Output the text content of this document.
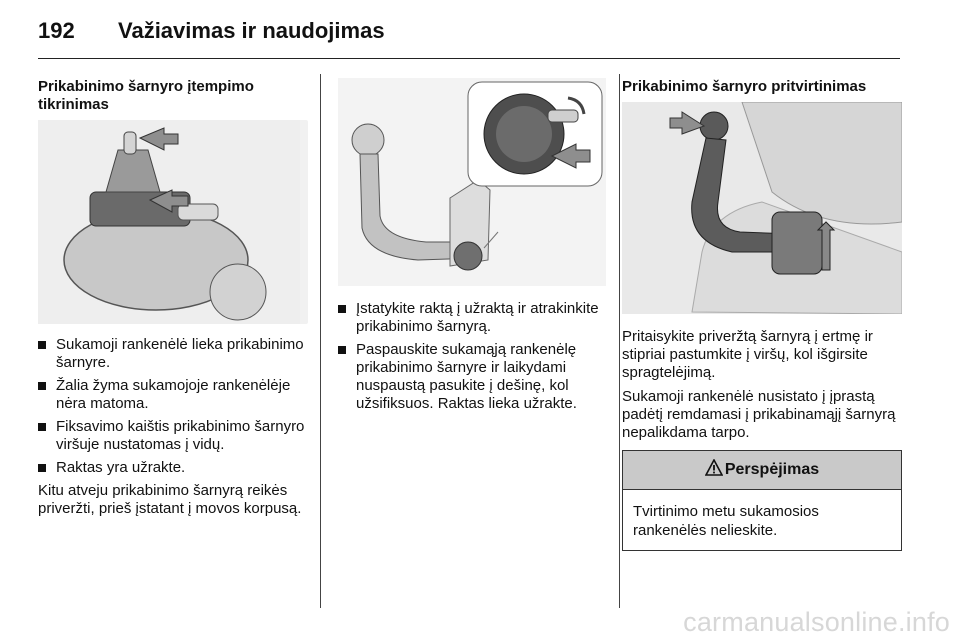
192 Važiavimas ir naudojimas
Prikabinimo šarnyro įtempimo tikrinimas
Sukamoji rankenėlė lieka prikabinimo šarnyre.
Žalia žyma sukamojoje rankenėlėje nėra matoma.
Fiksavimo kaištis prikabinimo šarnyro viršuje nustatomas į vidų.
Raktas yra užrakte.

Kitu atveju prikabinimo šarnyrą reikės priveržti, prieš įstatant į movos korpusą.

Įstatykite raktą į užraktą ir atrakinkite prikabinimo šarnyrą.
Paspauskite sukamąją rankenėlę prikabinimo šarnyre ir laikydami nuspaustą pasukite į dešinę, kol užsifiksuos. Raktas lieka užrakte.
Prikabinimo šarnyro pritvirtinimas

Pritaisykite priveržtą šarnyrą į ertmę ir stipriai pastumkite į viršų, kol išgirsite spragtelėjimą.

Sukamoji rankenėlė nusistato į įprastą padėtį remdamasi į prikabinamąjį šarnyrą nepalikdama tarpo.

Perspėjimas
Tvirtinimo metu sukamosios rankenėlės nelieskite.
carmanualsonline.info
